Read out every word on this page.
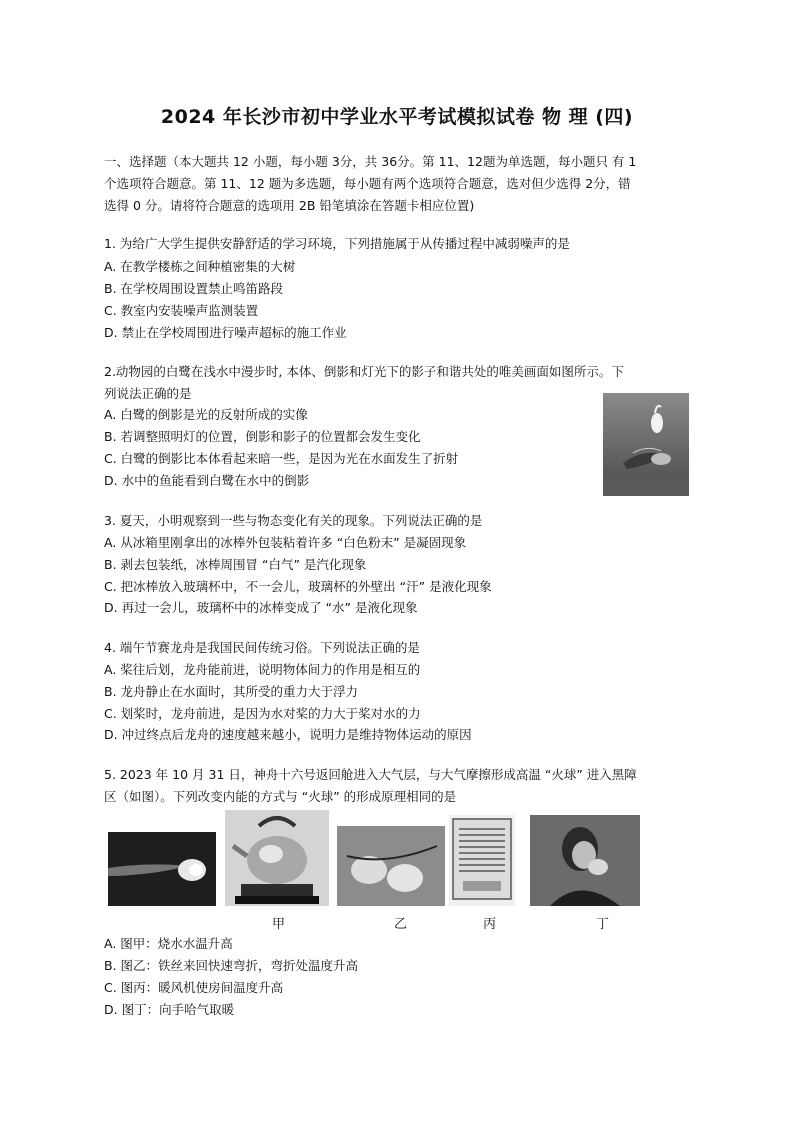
2024 年长沙市初中学业水平考试模拟试卷 物 理 (四)
一、选择题（本大题共 12 小题，每小题 3分，共 36分。第 11、12题为单选题，每小题只 有 1
个选项符合题意。第 11、12 题为多选题，每小题有两个选项符合题意，选对但少选得 2分，错
选得 0 分。请将符合题意的选项用 2B 铅笔填涂在答题卡相应位置)
1. 为给广大学生提供安静舒适的学习环境，下列措施属于从传播过程中减弱噪声的是
A. 在教学楼栋之间种植密集的大树
B. 在学校周围设置禁止鸣笛路段
C. 教室内安装噪声监测装置
D. 禁止在学校周围进行噪声超标的施工作业
2.动物园的白鹭在浅水中漫步时, 本体、倒影和灯光下的影子和谐共处的唯美画面如图所示。下
列说法正确的是
A. 白鹭的倒影是光的反射所成的实像
B. 若调整照明灯的位置，倒影和影子的位置都会发生变化
C. 白鹭的倒影比本体看起来暗一些，是因为光在水面发生了折射
D. 水中的鱼能看到白鹭在水中的倒影
3. 夏天，小明观察到一些与物态变化有关的现象。下列说法正确的是
A. 从冰箱里刚拿出的冰棒外包装粘着许多 “白色粉末” 是凝固现象
B. 剥去包装纸，冰棒周围冒 “白气” 是汽化现象
C. 把冰棒放入玻璃杯中，不一会儿，玻璃杯的外壁出 “汗” 是液化现象
D. 再过一会儿，玻璃杯中的冰棒变成了 “水” 是液化现象
4. 端午节赛龙舟是我国民间传统习俗。下列说法正确的是
A. 桨往后划，龙舟能前进，说明物体间力的作用是相互的
B. 龙舟静止在水面时，其所受的重力大于浮力
C. 划桨时，龙舟前进，是因为水对桨的力大于桨对水的力
D. 冲过终点后龙舟的速度越来越小，说明力是维持物体运动的原因
5. 2023 年 10 月 31 日，神舟十六号返回舱进入大气层，与大气摩擦形成高温 “火球” 进入黑障
区（如图）。下列改变内能的方式与 “火球” 的形成原理相同的是
甲	乙	丙	丁
A. 图甲：烧水水温升高
B. 图乙：铁丝来回快速弯折，弯折处温度升高
C. 图丙：暖风机使房间温度升高
D. 图丁：向手哈气取暖
